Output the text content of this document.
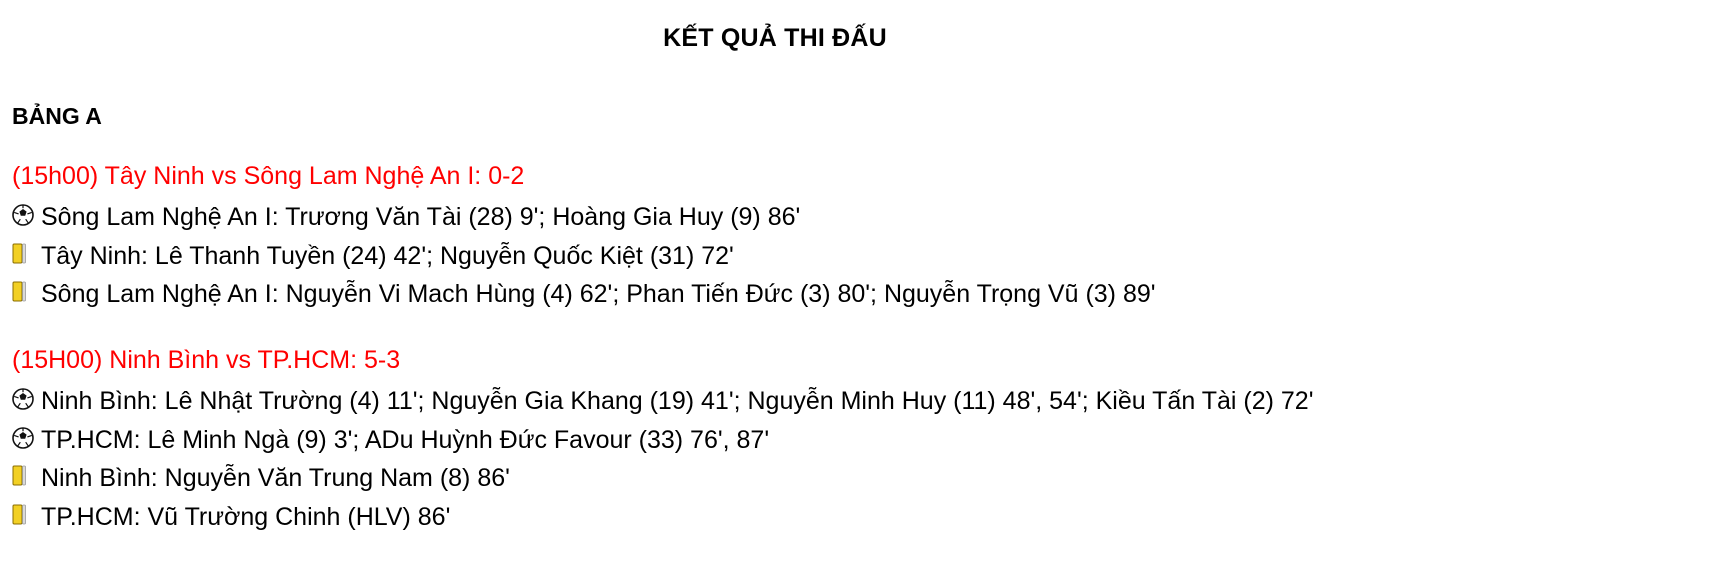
KẾT QUẢ THI ĐẤU
BẢNG A
(15h00) Tây Ninh vs Sông Lam Nghệ An I: 0-2
Sông Lam Nghệ An I: Trương Văn Tài (28) 9'; Hoàng Gia Huy (9) 86'
Tây Ninh: Lê Thanh Tuyền (24) 42'; Nguyễn Quốc Kiệt (31) 72'
Sông Lam Nghệ An I: Nguyễn Vi Mach Hùng (4) 62'; Phan Tiến Đức (3) 80'; Nguyễn Trọng Vũ (3) 89'
(15H00) Ninh Bình vs TP.HCM: 5-3
Ninh Bình: Lê Nhật Trường (4) 11'; Nguyễn Gia Khang (19) 41'; Nguyễn Minh Huy (11) 48', 54'; Kiều Tấn Tài (2) 72'
TP.HCM: Lê Minh Ngà (9) 3'; ADu Huỳnh Đức Favour (33) 76', 87'
Ninh Bình: Nguyễn Văn Trung Nam (8) 86'
TP.HCM: Vũ Trường Chinh (HLV) 86'
